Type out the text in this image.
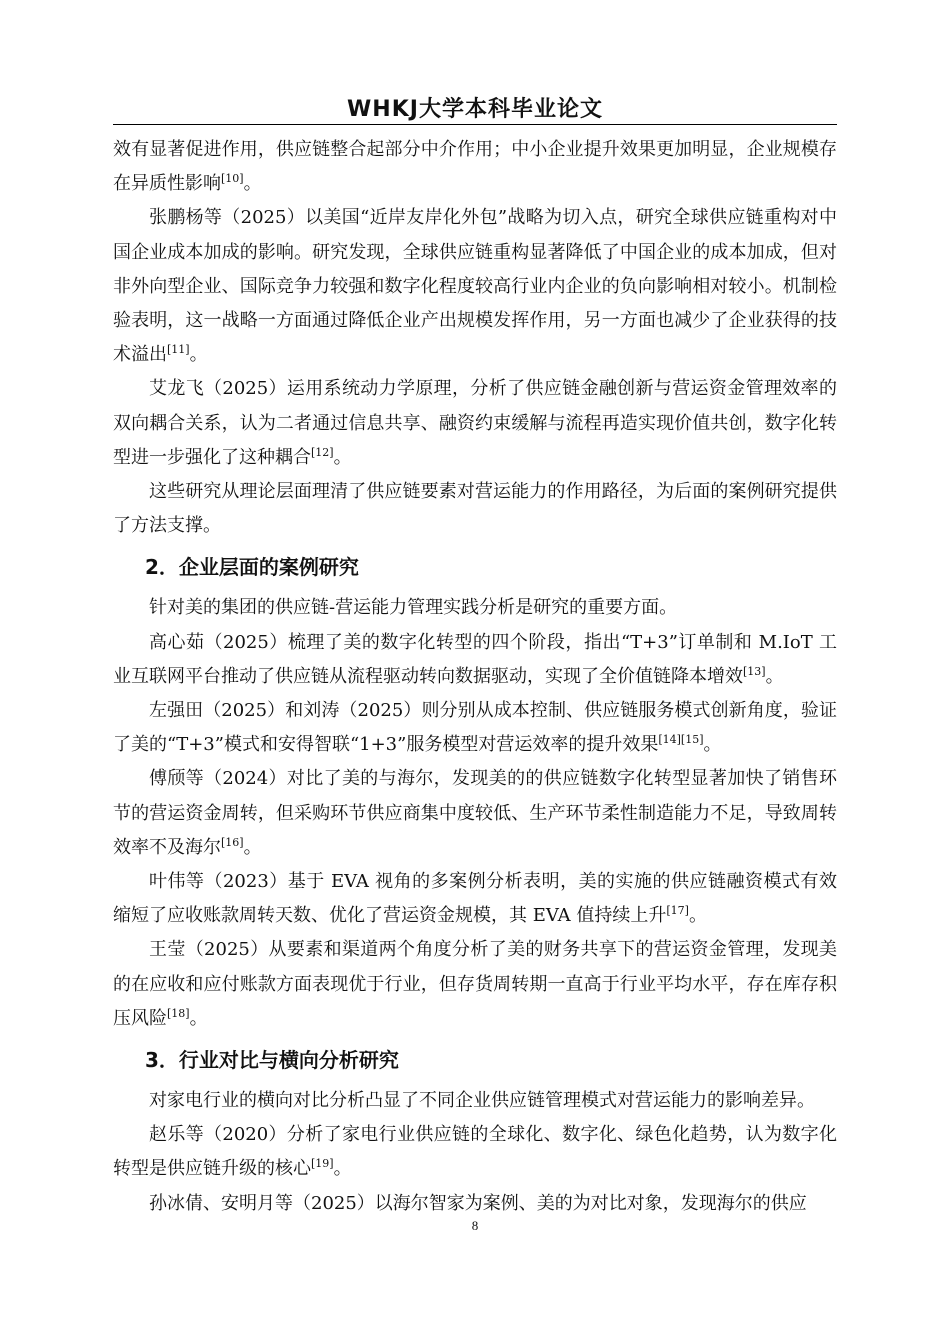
WHKJ大学本科毕业论文

效有显著促进作用，供应链整合起部分中介作用；中小企业提升效果更加明显，企业规模存在异质性影响[10]。

张鹏杨等（2025）以美国“近岸友岸化外包”战略为切入点，研究全球供应链重构对中国企业成本加成的影响。研究发现，全球供应链重构显著降低了中国企业的成本加成，但对非外向型企业、国际竞争力较强和数字化程度较高行业内企业的负向影响相对较小。机制检验表明，这一战略一方面通过降低企业产出规模发挥作用，另一方面也减少了企业获得的技术溢出[11]。

艾龙飞（2025）运用系统动力学原理，分析了供应链金融创新与营运资金管理效率的双向耦合关系，认为二者通过信息共享、融资约束缓解与流程再造实现价值共创，数字化转型进一步强化了这种耦合[12]。

这些研究从理论层面理清了供应链要素对营运能力的作用路径，为后面的案例研究提供了方法支撑。

2．企业层面的案例研究

针对美的集团的供应链-营运能力管理实践分析是研究的重要方面。

高心茹（2025）梳理了美的数字化转型的四个阶段，指出“T+3”订单制和 M.IoT 工业互联网平台推动了供应链从流程驱动转向数据驱动，实现了全价值链降本增效[13]。

左强田（2025）和刘涛（2025）则分别从成本控制、供应链服务模式创新角度，验证了美的“T+3”模式和安得智联“1+3”服务模型对营运效率的提升效果[14][15]。

傅颀等（2024）对比了美的与海尔，发现美的的供应链数字化转型显著加快了销售环节的营运资金周转，但采购环节供应商集中度较低、生产环节柔性制造能力不足，导致周转效率不及海尔[16]。

叶伟等（2023）基于 EVA 视角的多案例分析表明，美的实施的供应链融资模式有效缩短了应收账款周转天数、优化了营运资金规模，其 EVA 值持续上升[17]。

王莹（2025）从要素和渠道两个角度分析了美的财务共享下的营运资金管理，发现美的在应收和应付账款方面表现优于行业，但存货周转期一直高于行业平均水平，存在库存积压风险[18]。

3．行业对比与横向分析研究

对家电行业的横向对比分析凸显了不同企业供应链管理模式对营运能力的影响差异。

赵乐等（2020）分析了家电行业供应链的全球化、数字化、绿色化趋势，认为数字化转型是供应链升级的核心[19]。

孙冰倩、安明月等（2025）以海尔智家为案例、美的为对比对象，发现海尔的供应

8
